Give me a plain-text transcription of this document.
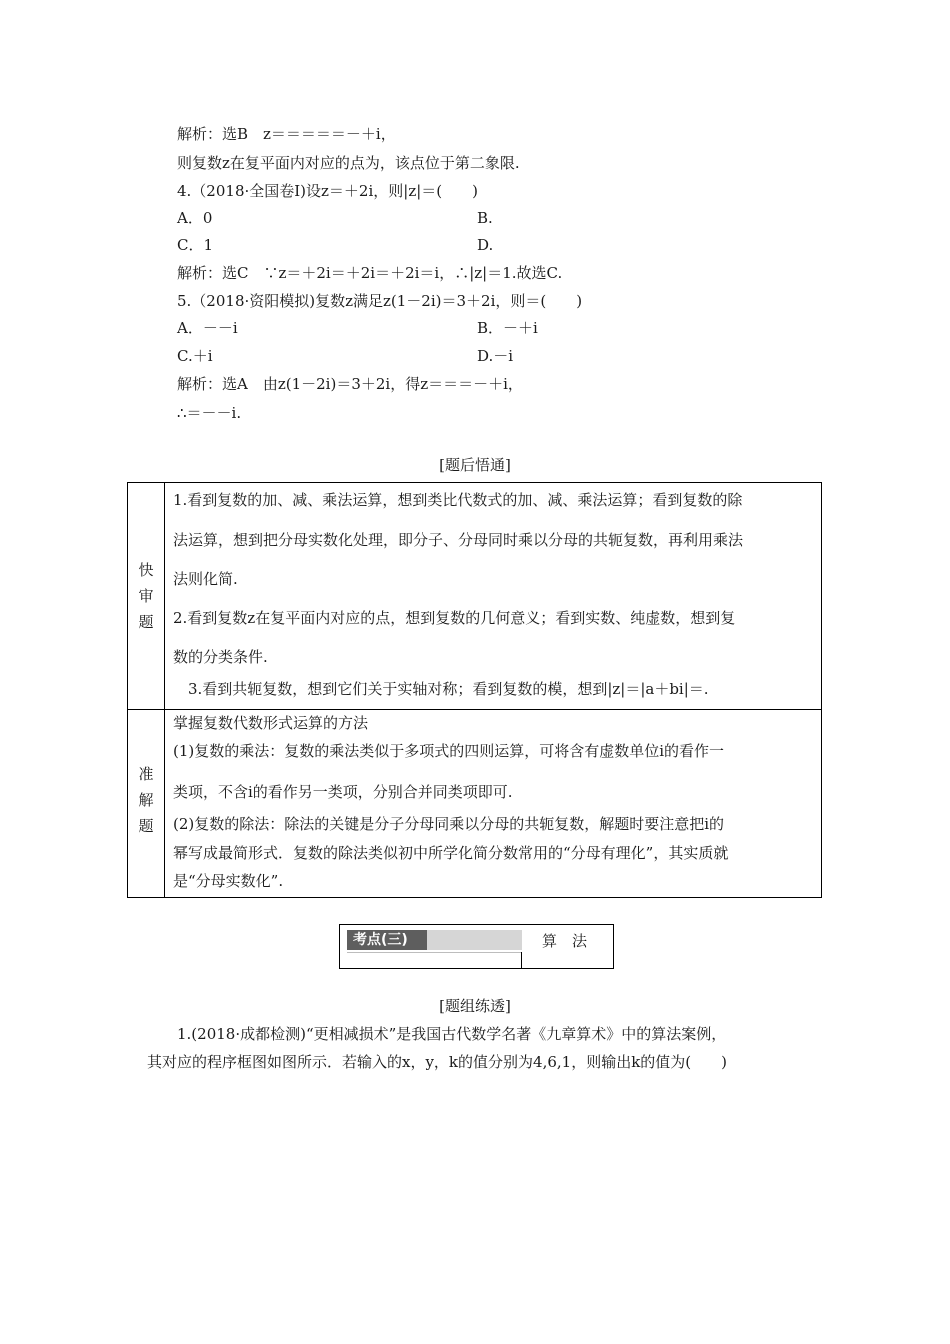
解析：选B　z＝＝＝＝＝－＋i，
则复数z在复平面内对应的点为，该点位于第二象限.
4.（2018·全国卷Ⅰ)设z＝＋2i，则|z|＝(　　)
A．0	B.
C．1	D.
解析：选C　∵z＝＋2i＝＋2i＝＋2i＝i，∴|z|＝1.故选C.
5.（2018·资阳模拟)复数z满足z(1－2i)＝3＋2i，则＝(　　)
A．－－i	B．－＋i
C.＋i	D.－i
解析：选A　由z(1－2i)＝3＋2i，得z＝＝＝－＋i，
∴＝－－i.
[题后悟通]
快审题
1.看到复数的加、减、乘法运算，想到类比代数式的加、减、乘法运算；看到复数的除
法运算，想到把分母实数化处理，即分子、分母同时乘以分母的共轭复数，再利用乘法
法则化简.
2.看到复数z在复平面内对应的点，想到复数的几何意义；看到实数、纯虚数，想到复
数的分类条件.
　3.看到共轭复数，想到它们关于实轴对称；看到复数的模，想到|z|＝|a＋bi|＝.
准解题
掌握复数代数形式运算的方法
(1)复数的乘法：复数的乘法类似于多项式的四则运算，可将含有虚数单位i的看作一
类项，不含i的看作另一类项，分别合并同类项即可.
(2)复数的除法：除法的关键是分子分母同乘以分母的共轭复数，解题时要注意把i的
幂写成最简形式．复数的除法类似初中所学化简分数常用的“分母有理化”，其实质就
是“分母实数化”.
考点(三)	算　法
[题组练透]
1.(2018·成都检测)“更相减损术”是我国古代数学名著《九章算术》中的算法案例，
其对应的程序框图如图所示．若输入的x，y，k的值分别为4,6,1，则输出k的值为(　　)
